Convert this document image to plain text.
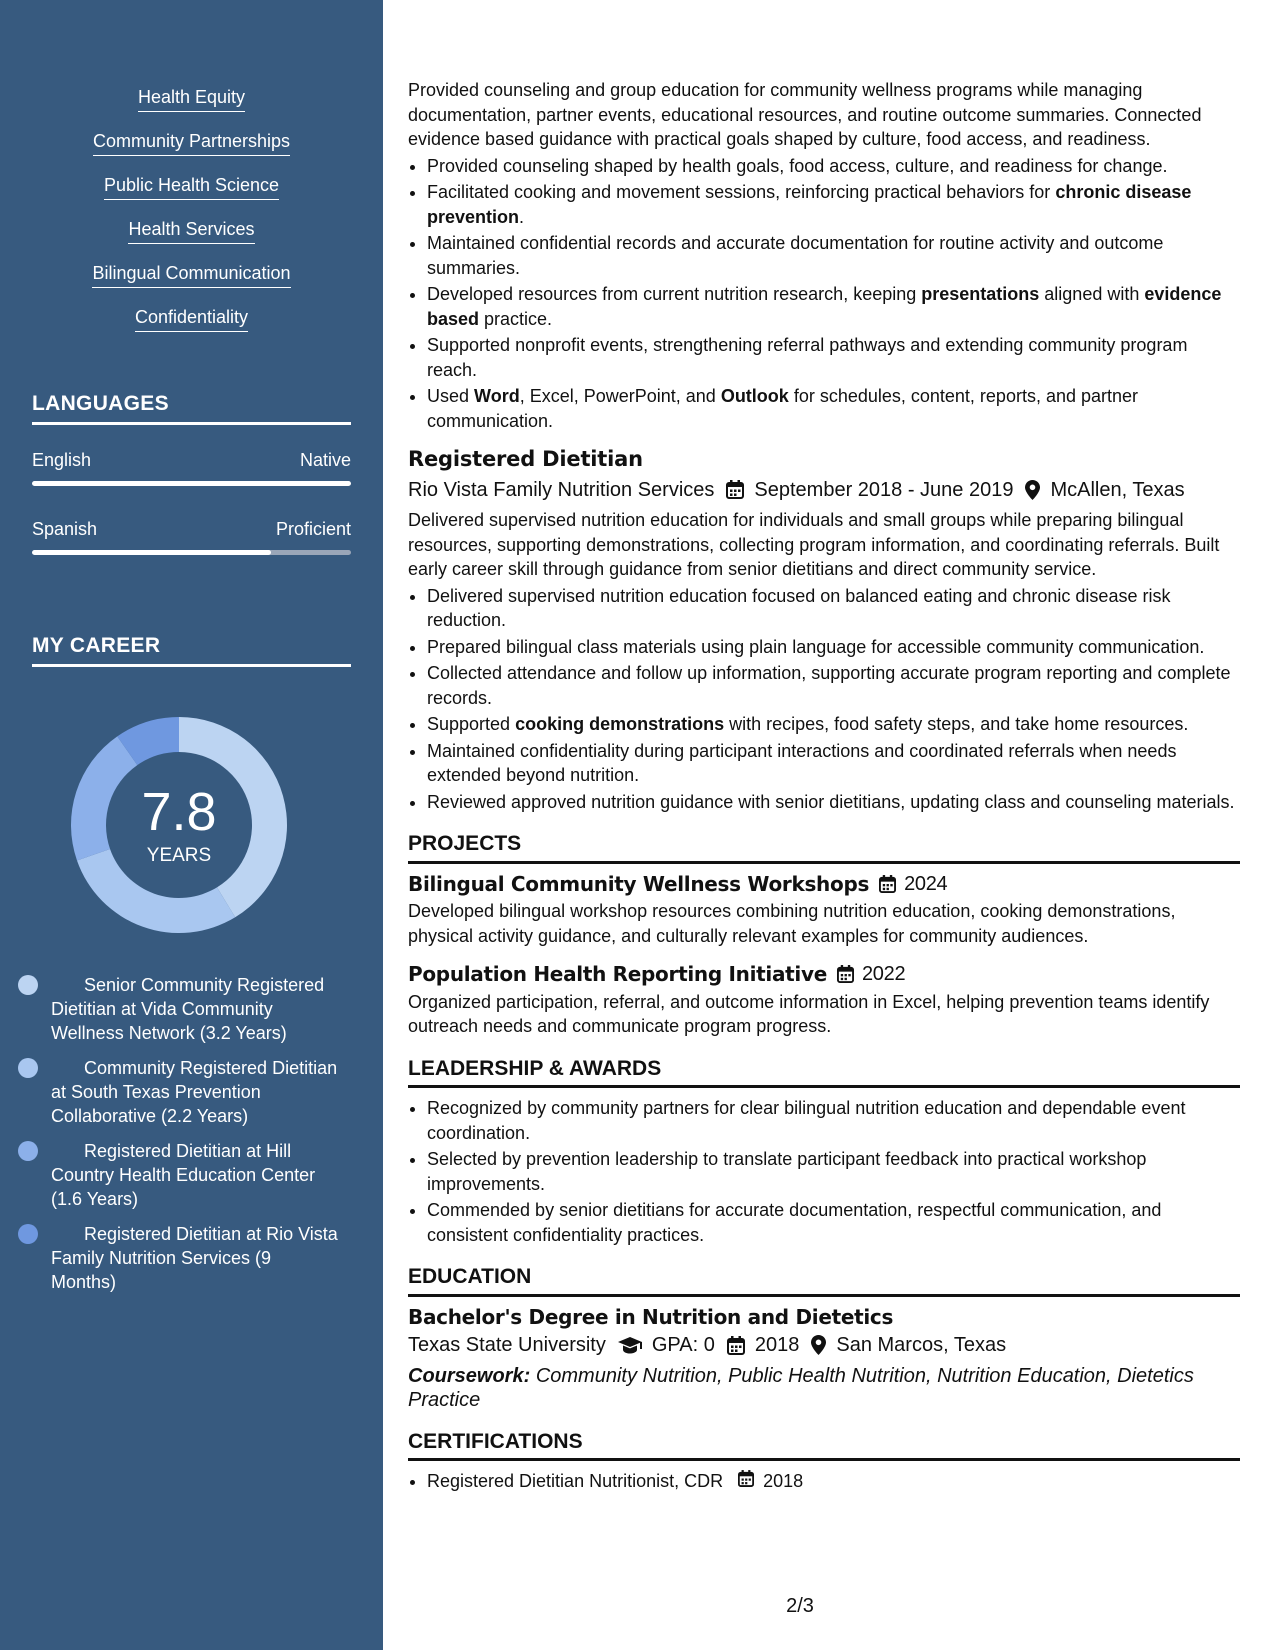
Health Equity
Community Partnerships
Public Health Science
Health Services
Bilingual Communication
Confidentiality
LANGUAGES
English	Native
Spanish	Proficient
MY CAREER
7.8
YEARS
Senior Community Registered Dietitian at Vida Community Wellness Network (3.2 Years)
Community Registered Dietitian at South Texas Prevention Collaborative (2.2 Years)
Registered Dietitian at Hill Country Health Education Center (1.6 Years)
Registered Dietitian at Rio Vista Family Nutrition Services (9 Months)

Provided counseling and group education for community wellness programs while managing documentation, partner events, educational resources, and routine outcome summaries. Connected evidence based guidance with practical goals shaped by culture, food access, and readiness.

• Provided counseling shaped by health goals, food access, culture, and readiness for change.
• Facilitated cooking and movement sessions, reinforcing practical behaviors for chronic disease prevention.
• Maintained confidential records and accurate documentation for routine activity and outcome summaries.
• Developed resources from current nutrition research, keeping presentations aligned with evidence based practice.
• Supported nonprofit events, strengthening referral pathways and extending community program reach.
• Used Word, Excel, PowerPoint, and Outlook for schedules, content, reports, and partner communication.
Registered Dietitian
Rio Vista Family Nutrition Services September 2018 - June 2019 McAllen, Texas

Delivered supervised nutrition education for individuals and small groups while preparing bilingual resources, supporting demonstrations, collecting program information, and coordinating referrals. Built early career skill through guidance from senior dietitians and direct community service.

• Delivered supervised nutrition education focused on balanced eating and chronic disease risk reduction.
• Prepared bilingual class materials using plain language for accessible community communication.
• Collected attendance and follow up information, supporting accurate program reporting and complete records.
• Supported cooking demonstrations with recipes, food safety steps, and take home resources.
• Maintained confidentiality during participant interactions and coordinated referrals when needs extended beyond nutrition.
• Reviewed approved nutrition guidance with senior dietitians, updating class and counseling materials.
PROJECTS
Bilingual Community Wellness Workshops 2024

Developed bilingual workshop resources combining nutrition education, cooking demonstrations, physical activity guidance, and culturally relevant examples for community audiences.

Population Health Reporting Initiative 2022

Organized participation, referral, and outcome information in Excel, helping prevention teams identify outreach needs and communicate program progress.

LEADERSHIP & AWARDS
• Recognized by community partners for clear bilingual nutrition education and dependable event coordination.
• Selected by prevention leadership to translate participant feedback into practical workshop improvements.
• Commended by senior dietitians for accurate documentation, respectful communication, and consistent confidentiality practices.
EDUCATION
Bachelor's Degree in Nutrition and Dietetics
Texas State University GPA: 0 2018 San Marcos, Texas
Coursework: Community Nutrition, Public Health Nutrition, Nutrition Education, Dietetics Practice
CERTIFICATIONS
• Registered Dietitian Nutritionist, CDR 2018
2/3
